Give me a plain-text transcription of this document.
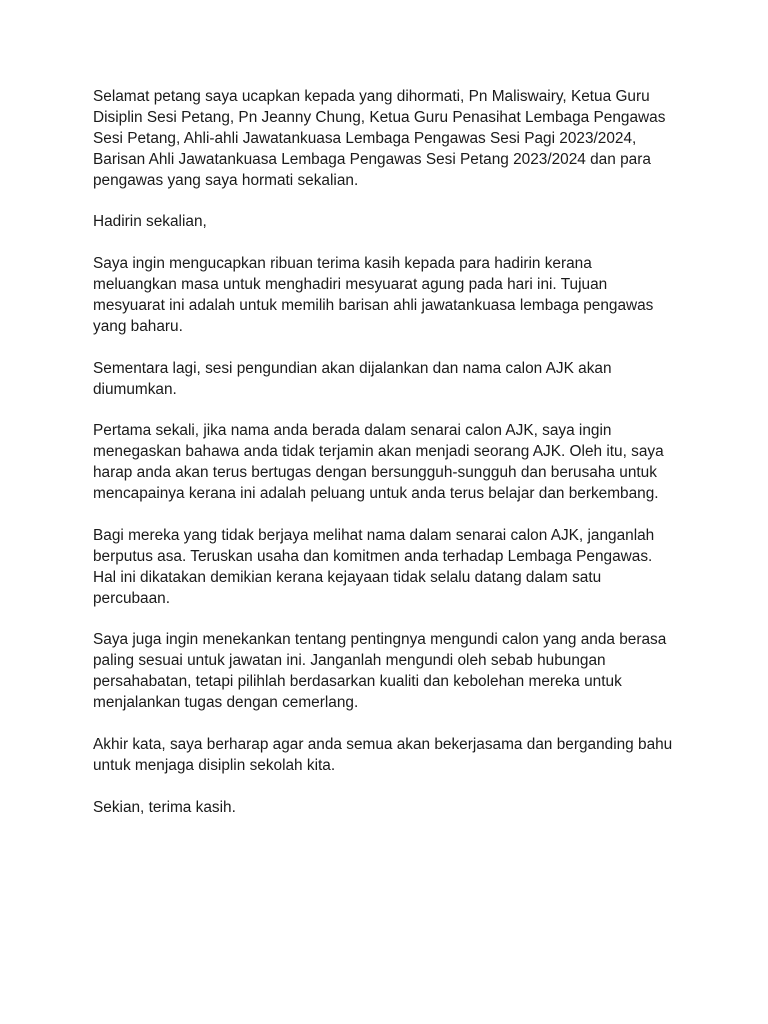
Selamat petang saya ucapkan kepada yang dihormati, Pn Maliswairy, Ketua Guru Disiplin Sesi Petang, Pn Jeanny Chung, Ketua Guru Penasihat Lembaga Pengawas Sesi Petang, Ahli-ahli Jawatankuasa Lembaga Pengawas Sesi Pagi 2023/2024, Barisan Ahli Jawatankuasa Lembaga Pengawas Sesi Petang 2023/2024 dan para pengawas yang saya hormati sekalian.

Hadirin sekalian,

Saya ingin mengucapkan ribuan terima kasih kepada para hadirin kerana meluangkan masa untuk menghadiri mesyuarat agung pada hari ini. Tujuan mesyuarat ini adalah untuk memilih barisan ahli jawatankuasa lembaga pengawas yang baharu.

Sementara lagi, sesi pengundian akan dijalankan dan nama calon AJK akan diumumkan.

Pertama sekali, jika nama anda berada dalam senarai calon AJK, saya ingin menegaskan bahawa anda tidak terjamin akan menjadi seorang AJK. Oleh itu, saya harap anda akan terus bertugas dengan bersungguh-sungguh dan berusaha untuk mencapainya kerana ini adalah peluang untuk anda terus belajar dan berkembang.

Bagi mereka yang tidak berjaya melihat nama dalam senarai calon AJK, janganlah berputus asa. Teruskan usaha dan komitmen anda terhadap Lembaga Pengawas. Hal ini dikatakan demikian kerana kejayaan tidak selalu datang dalam satu percubaan.

Saya juga ingin menekankan tentang pentingnya mengundi calon yang anda berasa paling sesuai untuk jawatan ini. Janganlah mengundi oleh sebab hubungan persahabatan, tetapi pilihlah berdasarkan kualiti dan kebolehan mereka untuk menjalankan tugas dengan cemerlang.

Akhir kata, saya berharap agar anda semua akan bekerjasama dan berganding bahu untuk menjaga disiplin sekolah kita.

Sekian, terima kasih.
